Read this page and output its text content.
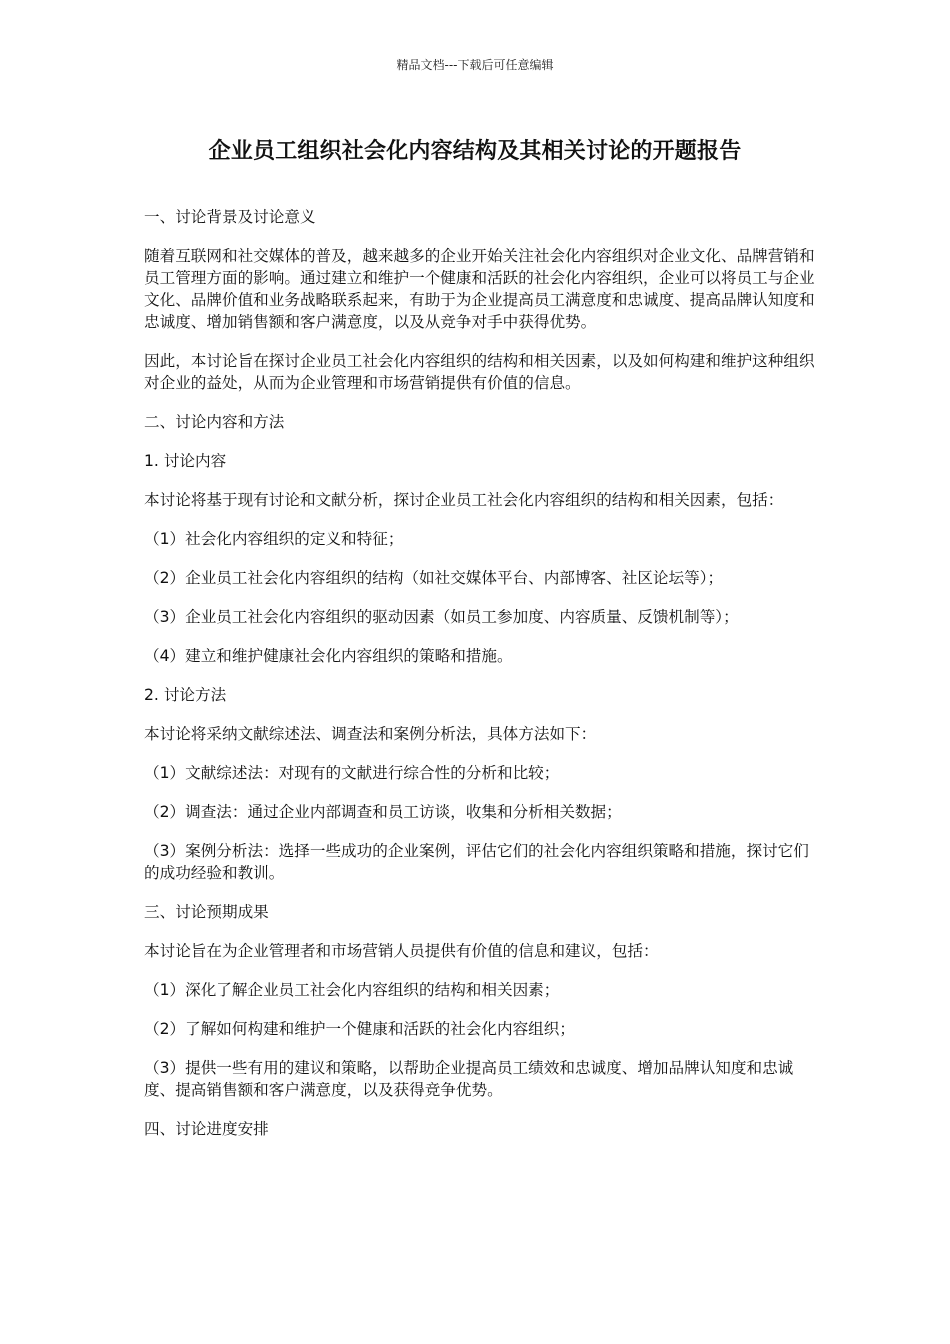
精品文档---下载后可任意编辑
企业员工组织社会化内容结构及其相关讨论的开题报告

一、讨论背景及讨论意义

随着互联网和社交媒体的普及，越来越多的企业开始关注社会化内容组织对企业文化、品牌营销和员工管理方面的影响。通过建立和维护一个健康和活跃的社会化内容组织，企业可以将员工与企业文化、品牌价值和业务战略联系起来，有助于为企业提高员工满意度和忠诚度、提高品牌认知度和忠诚度、增加销售额和客户满意度，以及从竞争对手中获得优势。

因此，本讨论旨在探讨企业员工社会化内容组织的结构和相关因素，以及如何构建和维护这种组织对企业的益处，从而为企业管理和市场营销提供有价值的信息。

二、讨论内容和方法

1. 讨论内容

本讨论将基于现有讨论和文献分析，探讨企业员工社会化内容组织的结构和相关因素，包括：

（1）社会化内容组织的定义和特征；

（2）企业员工社会化内容组织的结构（如社交媒体平台、内部博客、社区论坛等）；

（3）企业员工社会化内容组织的驱动因素（如员工参加度、内容质量、反馈机制等）；

（4）建立和维护健康社会化内容组织的策略和措施。

2. 讨论方法

本讨论将采纳文献综述法、调查法和案例分析法，具体方法如下：

（1）文献综述法：对现有的文献进行综合性的分析和比较；

（2）调查法：通过企业内部调查和员工访谈，收集和分析相关数据；

（3）案例分析法：选择一些成功的企业案例，评估它们的社会化内容组织策略和措施，探讨它们的成功经验和教训。

三、讨论预期成果

本讨论旨在为企业管理者和市场营销人员提供有价值的信息和建议，包括：

（1）深化了解企业员工社会化内容组织的结构和相关因素；

（2）了解如何构建和维护一个健康和活跃的社会化内容组织；

（3）提供一些有用的建议和策略，以帮助企业提高员工绩效和忠诚度、增加品牌认知度和忠诚度、提高销售额和客户满意度，以及获得竞争优势。

四、讨论进度安排
